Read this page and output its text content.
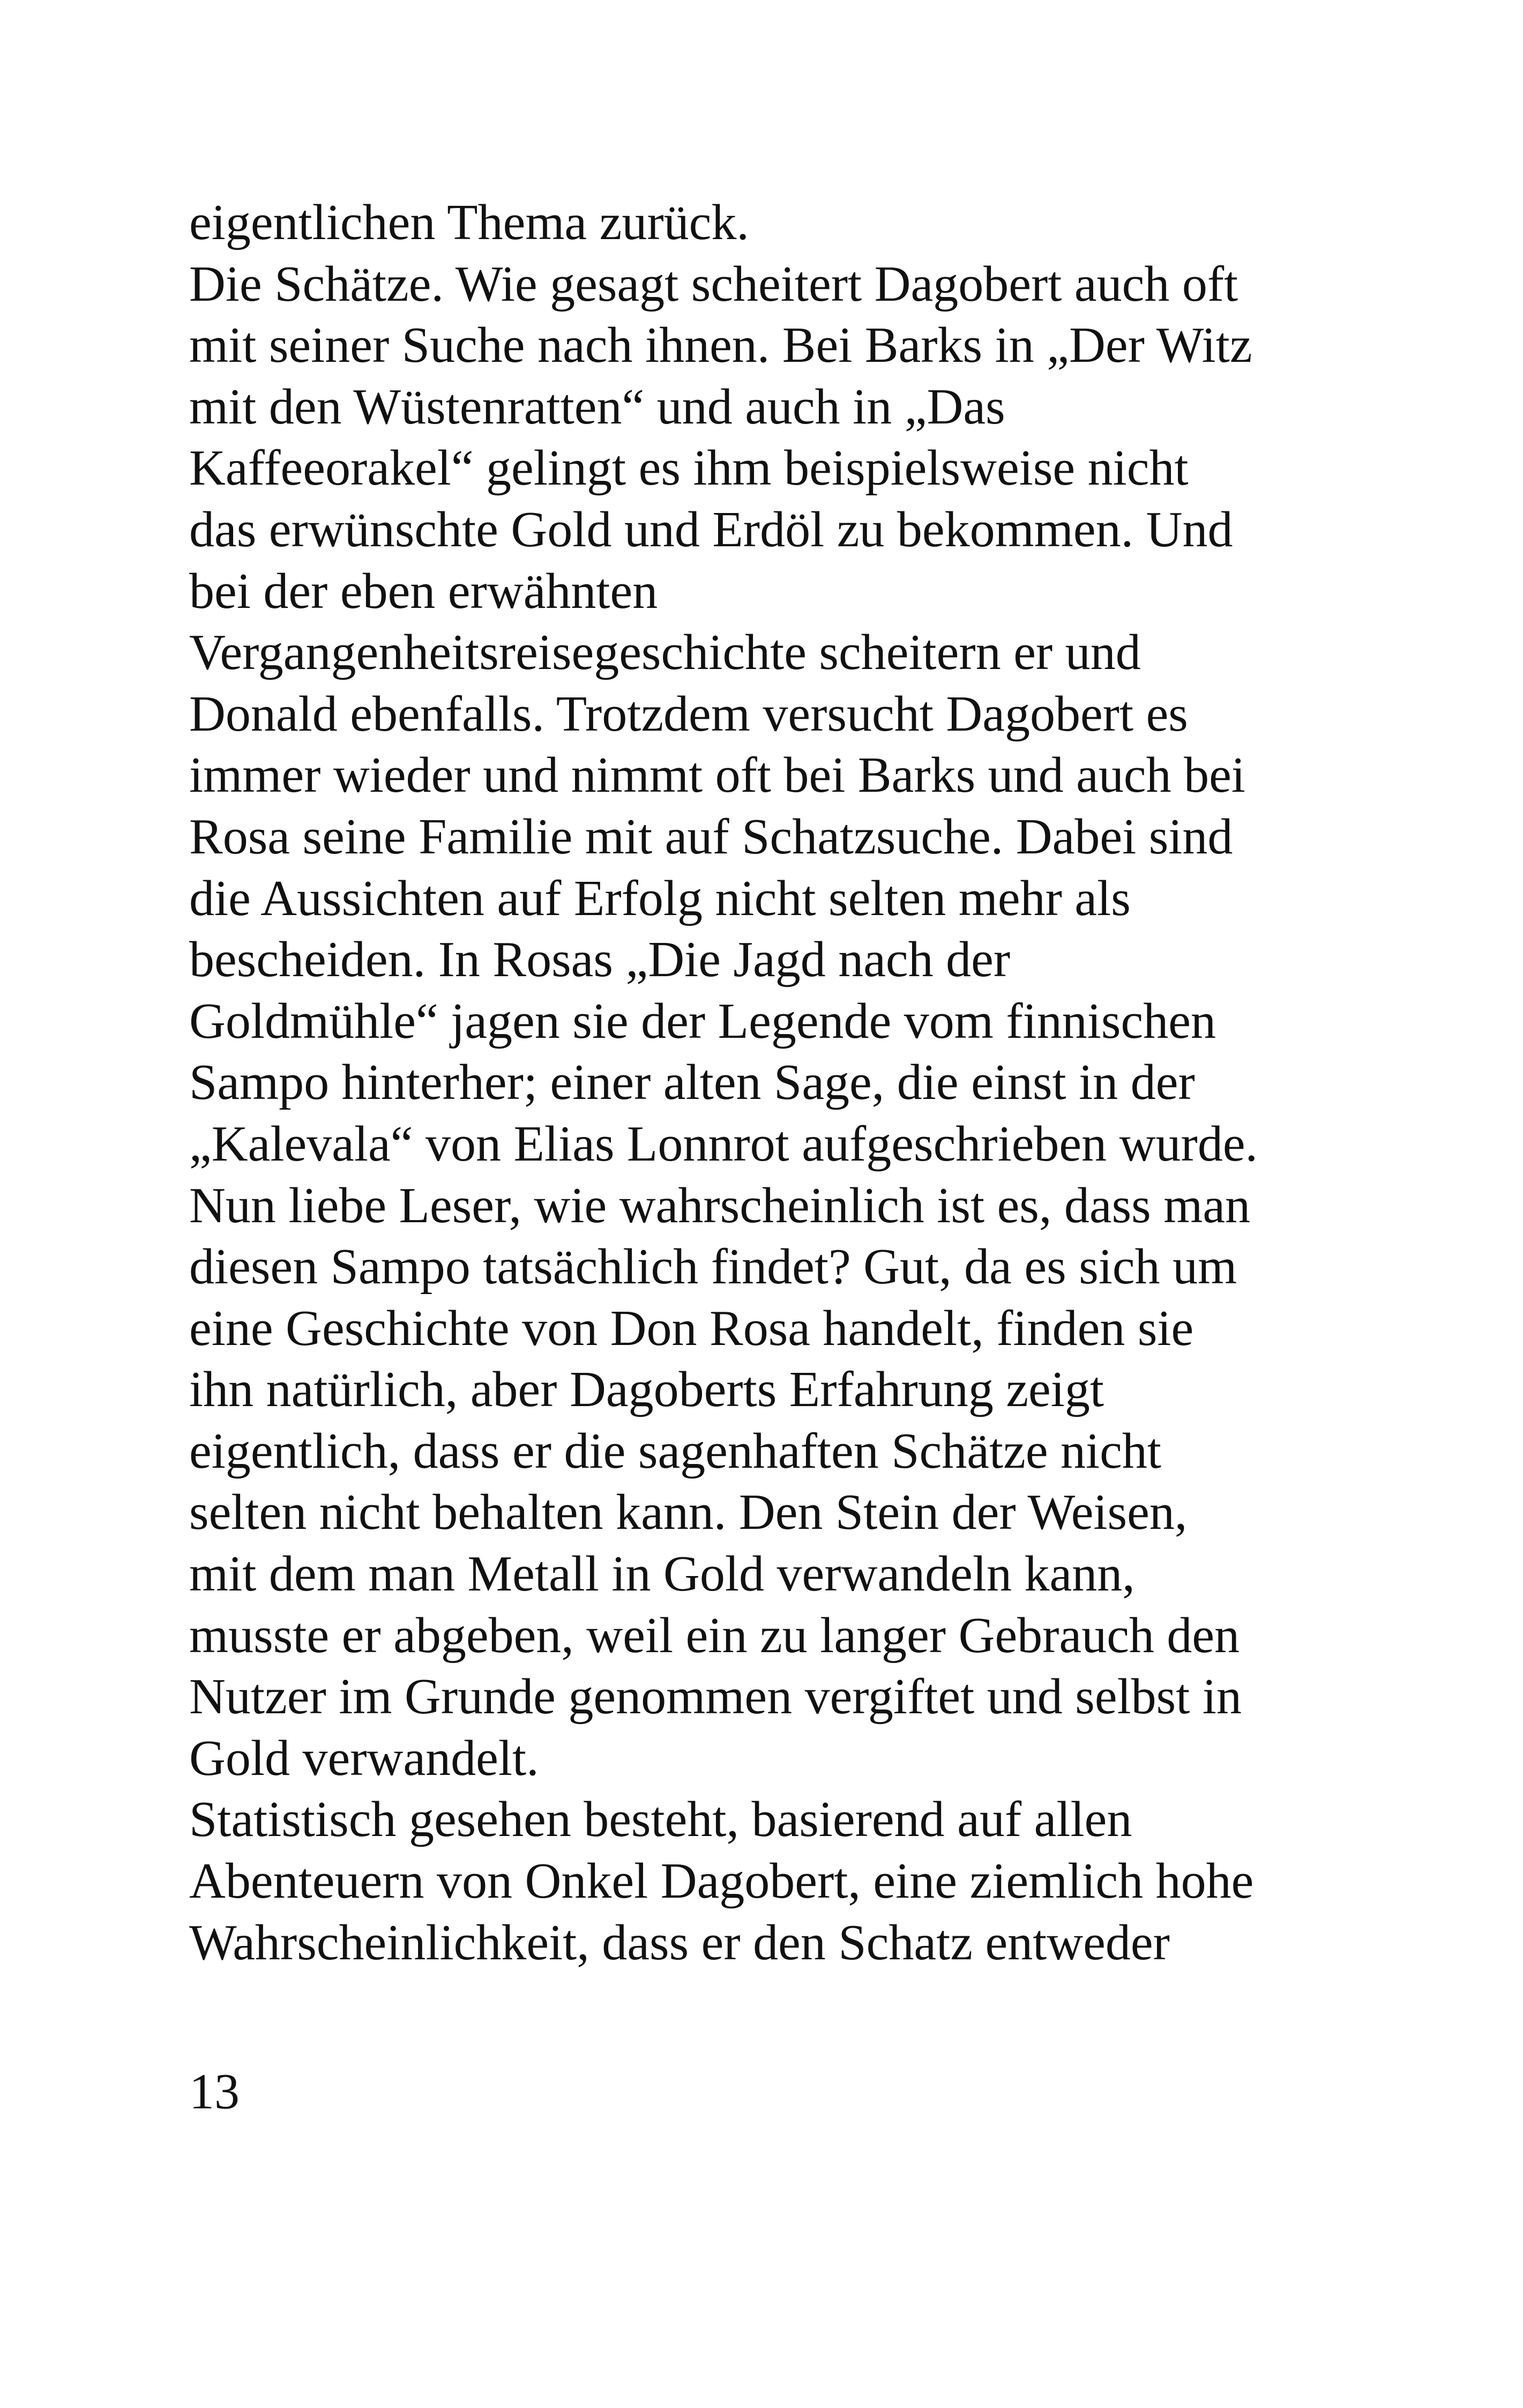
eigentlichen Thema zurück.
Die Schätze. Wie gesagt scheitert Dagobert auch oft
mit seiner Suche nach ihnen. Bei Barks in „Der Witz
mit den Wüstenratten“ und auch in „Das
Kaffeeorakel“ gelingt es ihm beispielsweise nicht
das erwünschte Gold und Erdöl zu bekommen. Und
bei der eben erwähnten
Vergangenheitsreisegeschichte scheitern er und
Donald ebenfalls. Trotzdem versucht Dagobert es
immer wieder und nimmt oft bei Barks und auch bei
Rosa seine Familie mit auf Schatzsuche. Dabei sind
die Aussichten auf Erfolg nicht selten mehr als
bescheiden. In Rosas „Die Jagd nach der
Goldmühle“ jagen sie der Legende vom finnischen
Sampo hinterher; einer alten Sage, die einst in der
„Kalevala“ von Elias Lonnrot aufgeschrieben wurde.
Nun liebe Leser, wie wahrscheinlich ist es, dass man
diesen Sampo tatsächlich findet? Gut, da es sich um
eine Geschichte von Don Rosa handelt, finden sie
ihn natürlich, aber Dagoberts Erfahrung zeigt
eigentlich, dass er die sagenhaften Schätze nicht
selten nicht behalten kann. Den Stein der Weisen,
mit dem man Metall in Gold verwandeln kann,
musste er abgeben, weil ein zu langer Gebrauch den
Nutzer im Grunde genommen vergiftet und selbst in
Gold verwandelt.
Statistisch gesehen besteht, basierend auf allen
Abenteuern von Onkel Dagobert, eine ziemlich hohe
Wahrscheinlichkeit, dass er den Schatz entweder
13
